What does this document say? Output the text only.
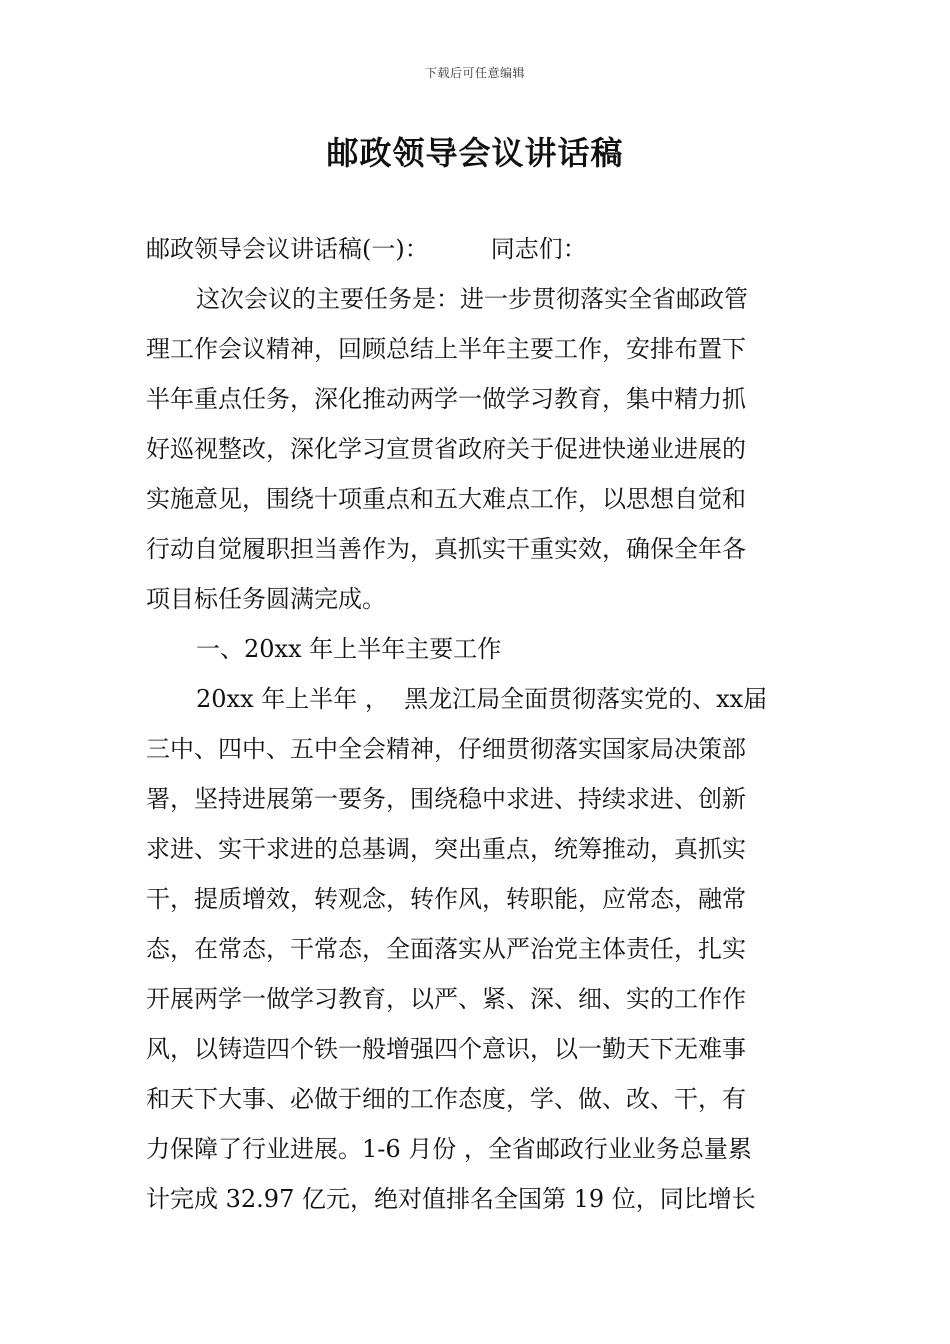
下载后可任意编辑
邮政领导会议讲话稿
邮政领导会议讲话稿(一)：	同志们：
这次会议的主要任务是：进一步贯彻落实全省邮政管
理工作会议精神，回顾总结上半年主要工作，安排布置下
半年重点任务，深化推动两学一做学习教育，集中精力抓
好巡视整改，深化学习宣贯省政府关于促进快递业进展的
实施意见，围绕十项重点和五大难点工作，以思想自觉和
行动自觉履职担当善作为，真抓实干重实效，确保全年各
项目标任务圆满完成。
一、20xx 年上半年主要工作
20xx 年上半年 ，  黑龙江局全面贯彻落实党的、xx届
三中、四中、五中全会精神，仔细贯彻落实国家局决策部
署，坚持进展第一要务，围绕稳中求进、持续求进、创新
求进、实干求进的总基调，突出重点，统筹推动，真抓实
干，提质增效，转观念，转作风，转职能，应常态，融常
态，在常态，干常态，全面落实从严治党主体责任，扎实
开展两学一做学习教育，以严、紧、深、细、实的工作作
风，以铸造四个铁一般增强四个意识，以一勤天下无难事
和天下大事、必做于细的工作态度，学、做、改、干，有
力保障了行业进展。1-6 月份 ，全省邮政行业业务总量累
计完成 32.97 亿元，绝对值排名全国第 19 位，同比增长
